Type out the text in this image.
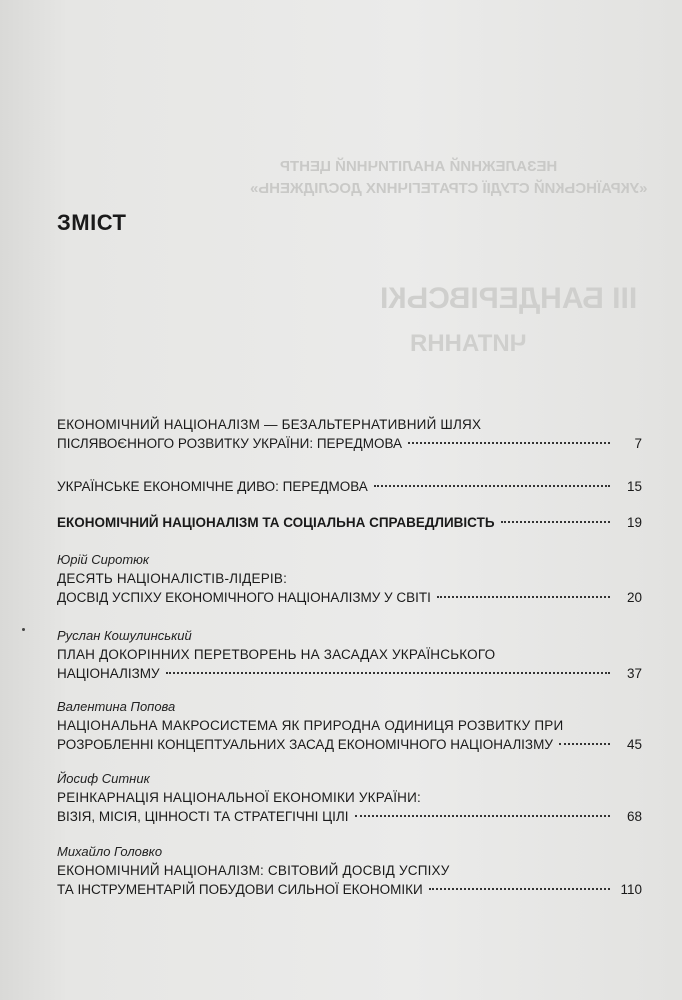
НЕЗАЛЕЖНИЙ АНАЛІТИЧНИЙ ЦЕНТР
«УКРАЇНСЬКИЙ СТУДІЇ СТРАТЕГІЧНИХ ДОСЛІДЖЕНЬ»
ІІІ БАНДЕРІВСЬКІ
ЧИТАННЯ
ЗМІСТ
ЕКОНОМІЧНИЙ НАЦІОНАЛІЗМ — БЕЗАЛЬТЕРНАТИВНИЙ ШЛЯХ
ПІСЛЯВОЄННОГО РОЗВИТКУ УКРАЇНИ: ПЕРЕДМОВА	7
УКРАЇНСЬКЕ ЕКОНОМІЧНЕ ДИВО: ПЕРЕДМОВА	15
ЕКОНОМІЧНИЙ НАЦІОНАЛІЗМ ТА СОЦІАЛЬНА СПРАВЕДЛИВІСТЬ	19
Юрій Сиротюк
ДЕСЯТЬ НАЦІОНАЛІСТІВ-ЛІДЕРІВ:
ДОСВІД УСПІХУ ЕКОНОМІЧНОГО НАЦІОНАЛІЗМУ У СВІТІ	20
Руслан Кошулинський
ПЛАН ДОКОРІННИХ ПЕРЕТВОРЕНЬ НА ЗАСАДАХ УКРАЇНСЬКОГО
НАЦІОНАЛІЗМУ	37
Валентина Попова
НАЦІОНАЛЬНА МАКРОСИСТЕМА ЯК ПРИРОДНА ОДИНИЦЯ РОЗВИТКУ ПРИ
РОЗРОБЛЕННІ КОНЦЕПТУАЛЬНИХ ЗАСАД ЕКОНОМІЧНОГО НАЦІОНАЛІЗМУ	45
Йосиф Ситник
РЕІНКАРНАЦІЯ НАЦІОНАЛЬНОЇ ЕКОНОМІКИ УКРАЇНИ:
ВІЗІЯ, МІСІЯ, ЦІННОСТІ ТА СТРАТЕГІЧНІ ЦІЛІ	68
Михайло Головко
ЕКОНОМІЧНИЙ НАЦІОНАЛІЗМ: СВІТОВИЙ ДОСВІД УСПІХУ
ТА ІНСТРУМЕНТАРІЙ ПОБУДОВИ СИЛЬНОЇ ЕКОНОМІКИ	110
